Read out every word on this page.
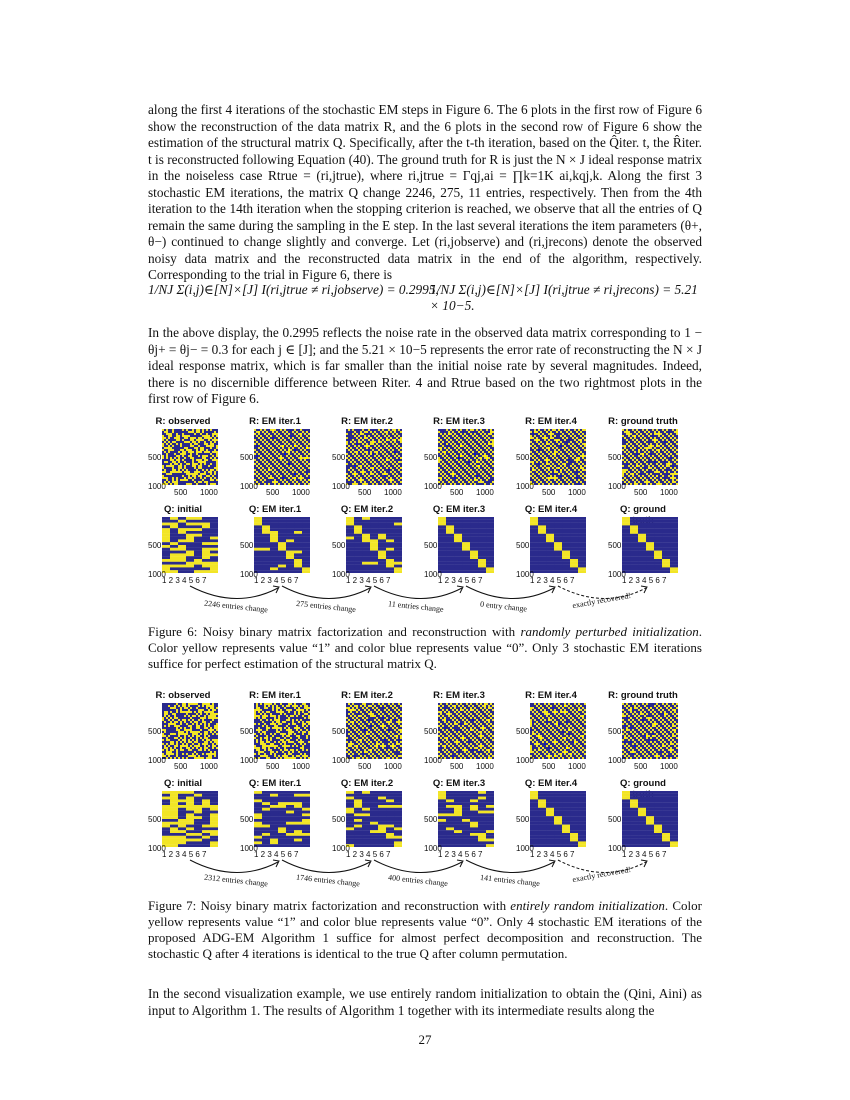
along the first 4 iterations of the stochastic EM steps in Figure 6. The 6 plots in the first row of Figure 6 show the reconstruction of the data matrix R, and the 6 plots in the second row of Figure 6 show the estimation of the structural matrix Q. Specifically, after the t-th iteration, based on the Q̂iter. t, the R̂iter. t is reconstructed following Equation (40). The ground truth for R is just the N × J ideal response matrix in the noiseless case Rtrue = (ri,jtrue), where ri,jtrue = Γqj,ai = ∏k=1K ai,kqj,k. Along the first 3 stochastic EM iterations, the matrix Q change 2246, 275, 11 entries, respectively. Then from the 4th iteration to the 14th iteration when the stopping criterion is reached, we observe that all the entries of Q remain the same during the sampling in the E step. In the last several iterations the item parameters (θ+, θ−) continued to change slightly and converge. Let (ri,jobserve) and (ri,jrecons) denote the observed noisy data matrix and the reconstructed data matrix in the end of the algorithm, respectively. Corresponding to the trial in Figure 6, there is

1/NJ Σ(i,j)∈[N]×[J] I(ri,jtrue ≠ ri,jobserve) = 0.2995,
1/NJ Σ(i,j)∈[N]×[J] I(ri,jtrue ≠ ri,jrecons) = 5.21 × 10−5.

In the above display, the 0.2995 reflects the noise rate in the observed data matrix corresponding to 1 − θj+ = θj− = 0.3 for each j ∈ [J]; and the 5.21 × 10−5 represents the error rate of reconstructing the N × J ideal response matrix, which is far smaller than the initial noise rate by several magnitudes. Indeed, there is no discernible difference between Riter. 4 and Rtrue based on the two rightmost plots in the first row of Figure 6.

R: observed
500
1000
500 1000
R: EM iter.1
500
1000
500 1000
R: EM iter.2
500
1000
500 1000
R: EM iter.3
500
1000
500 1000
R: EM iter.4
500
1000
500 1000
R: ground truth
500
1000
500 1000
Q: initial
500
1000
1 2 3 4 5 6 7
Q: EM iter.1
500
1000
1 2 3 4 5 6 7
Q: EM iter.2
500
1000
1 2 3 4 5 6 7
Q: EM iter.3
500
1000
1 2 3 4 5 6 7
Q: EM iter.4
500
1000
1 2 3 4 5 6 7
Q: ground
500
1000
1 2 3 4 5 6 7
2246 entries change	275 entries change	11 entries change	0 entry change	exactly recovered!
Figure 6: Noisy binary matrix factorization and reconstruction with randomly perturbed initialization. Color yellow represents value “1” and color blue represents value “0”. Only 3 stochastic EM iterations suffice for perfect estimation of the structural matrix Q.
R: observed
500
1000
500 1000
R: EM iter.1
500
1000
500 1000
R: EM iter.2
500
1000
500 1000
R: EM iter.3
500
1000
500 1000
R: EM iter.4
500
1000
500 1000
R: ground truth
500
1000
500 1000
Q: initial
500
1000
1 2 3 4 5 6 7
Q: EM iter.1
500
1000
1 2 3 4 5 6 7
Q: EM iter.2
500
1000
1 2 3 4 5 6 7
Q: EM iter.3
500
1000
1 2 3 4 5 6 7
Q: EM iter.4
500
1000
1 2 3 4 5 6 7
Q: ground
500
1000
1 2 3 4 5 6 7
2312 entries change	1746 entries change	400 entries change	141 entries change	exactly recovered!
Figure 7: Noisy binary matrix factorization and reconstruction with entirely random initialization. Color yellow represents value “1” and color blue represents value “0”. Only 4 stochastic EM iterations of the proposed ADG-EM Algorithm 1 suffice for almost perfect decomposition and reconstruction. The stochastic Q after 4 iterations is identical to the true Q after column permutation.

In the second visualization example, we use entirely random initialization to obtain the (Qini, Aini) as input to Algorithm 1. The results of Algorithm 1 together with its intermediate results along the

27
